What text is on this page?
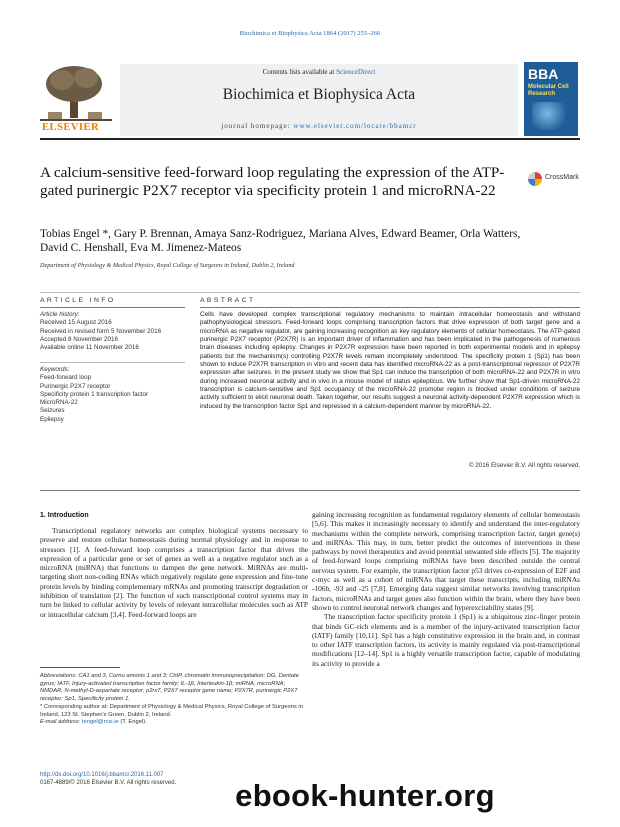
Biochimica et Biophysica Acta 1864 (2017) 255–266
ELSEVIER
Contents lists available at ScienceDirect
Biochimica et Biophysica Acta
journal homepage: www.elsevier.com/locate/bbamcr
BBA
Molecular Cell Research
A calcium-sensitive feed-forward loop regulating the expression of the ATP-gated purinergic P2X7 receptor via specificity protein 1 and microRNA-22
CrossMark
Tobias Engel *, Gary P. Brennan, Amaya Sanz-Rodriguez, Mariana Alves, Edward Beamer, Orla Watters,
David C. Henshall, Eva M. Jimenez-Mateos
Department of Physiology & Medical Physics, Royal College of Surgeons in Ireland, Dublin 2, Ireland
ARTICLE INFO
Article history:
Received 15 August 2016
Received in revised form 5 November 2016
Accepted 8 November 2016
Available online 11 November 2016
Keywords:
Feed-forward loop
Purinergic P2X7 receptor
Specificity protein 1 transcription factor
MicroRNA-22
Seizures
Epilepsy
ABSTRACT
Cells have developed complex transcriptional regulatory mechanisms to maintain intracellular homeostasis and withstand pathophysiological stressors. Feed-forward loops comprising transcription factors that drive expression of both target gene and a microRNA as negative regulator, are gaining increasing recognition as key regulatory elements of cellular homeostasis. The ATP-gated purinergic P2X7 receptor (P2X7R) is an important driver of inflammation and has been implicated in the pathogenesis of numerous brain diseases including epilepsy. Changes in P2X7R expression have been reported in both experimental models and in epilepsy patients but the mechanism(s) controlling P2X7R levels remain incompletely understood. The specificity protein 1 (Sp1) has been shown to induce P2X7R transcription in vitro and recent data has identified microRNA-22 as a post-transcriptional repressor of P2X7R expression after seizures. In the present study we show that Sp1 can induce the transcription of both microRNA-22 and P2X7R in vitro during increased neuronal activity and in vivo in a mouse model of status epilepticus. We further show that Sp1-driven microRNA-22 transcription is calcium-sensitive and Sp1 occupancy of the microRNA-22 promoter region is blocked under conditions of seizure activity sufficient to elicit neuronal death. Taken together, our results suggest a neuronal activity-dependent P2X7R expression which is induced by the transcription factor Sp1 and repressed in a calcium-dependent manner by microRNA-22.
© 2016 Elsevier B.V. All rights reserved.
1. Introduction
Transcriptional regulatory networks are complex biological systems necessary to preserve and restore cellular homeostasis during normal physiology and in response to stressors [1]. A feed-forward loop comprises a transcription factor that drives the expression of a particular gene or set of genes as well as a negative regulator such as a microRNA (miRNA) that functions to dampen the gene network. MiRNAs are multi-targeting short non-coding RNAs which negatively regulate gene expression and fine-tune protein levels by binding complementary mRNAs and promoting transcript degradation or inhibition of translation [2]. The function of such transcriptional control systems may in turn be linked to cellular activity by levels of relevant intracellular molecules such as ATP or intracellular calcium [3,4]. Feed-forward loops are
gaining increasing recognition as fundamental regulatory elements of cellular homeostasis [5,6]. This makes it increasingly necessary to identify and understand the inter-regulatory mechanisms within the complete network, comprising transcription factor, target gene(s) and miRNAs. This may, in turn, better predict the outcomes of interventions in these pathways by novel therapeutics and avoid potential unwanted side effects [5]. The majority of feed-forward loops comprising miRNAs have been described outside the central nervous system. For example, the transcription factor p53 drives co-expression of E2F and c-myc as well as a cohort of miRNAs that target these transcripts, including miRNAs -106b, -93 and -25 [7,8]. Emerging data suggest similar networks involving transcription factors, microRNAs and target genes also function within the brain, where they have been shown to control neuronal network changes and hyperexcitability states [9].
The transcription factor specificity protein 1 (Sp1) is a ubiquitous zinc-finger protein that binds GC-rich elements and is a member of the injury-activated transcription factor (IATF) family [10,11]. Sp1 has a high constitutive expression in the brain and, in contrast to other IATF transcription factors, its activity is mainly regulated via post-transcriptional modifications [12–14]. Sp1 is a highly versatile transcription factor, capable of modulating its activity to provide a
Abbreviations: CA1 and 3, Cornu amonis 1 and 3; ChIP, chromatin immunoprecipitation; DG, Dentate gyrus; IATF, Injury-activated transcription factor family; IL-1β, Interleukin-1β; miRNA, microRNA; NMDAR, N-methyl-D-aspartate receptor; p2rx7, P2X7 receptor gene name; P2X7R, purinergic P2X7 receptor; Sp1, Specificity protein 1.
* Corresponding author at: Department of Physiology & Medical Physics, Royal College of Surgeons in Ireland, 123 St. Stephen's Green, Dublin 2, Ireland.
E-mail address: tengel@rcsi.ie (T. Engel).
http://dx.doi.org/10.1016/j.bbamcr.2016.11.007
0167-4889/© 2016 Elsevier B.V. All rights reserved.	ebook-hunter.org
